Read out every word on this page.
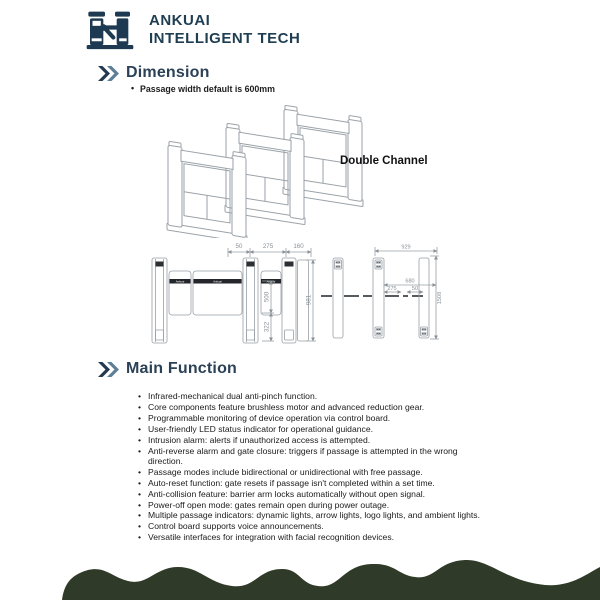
ANKUAI
INTELLIGENT TECH
Dimension
• Passage width default is 600mm
Double Channel
Ankuai	Ankuai	Ankuai
50	275	160
500
322
981
929
680
275	50
1508
Main Function
• Infrared-mechanical dual anti-pinch function.
• Core components feature brushless motor and advanced reduction gear.
• Programmable monitoring of device operation via control board.
• User-friendly LED status indicator for operational guidance.
• Intrusion alarm: alerts if unauthorized access is attempted.
• Anti-reverse alarm and gate closure: triggers if passage is attempted in the wrong direction.
• Passage modes include bidirectional or unidirectional with free passage.
• Auto-reset function: gate resets if passage isn't completed within a set time.
• Anti-collision feature: barrier arm locks automatically without open signal.
• Power-off open mode: gates remain open during power outage.
• Multiple passage indicators: dynamic lights, arrow lights, logo lights, and ambient lights.
• Control board supports voice announcements.
• Versatile interfaces for integration with facial recognition devices.
